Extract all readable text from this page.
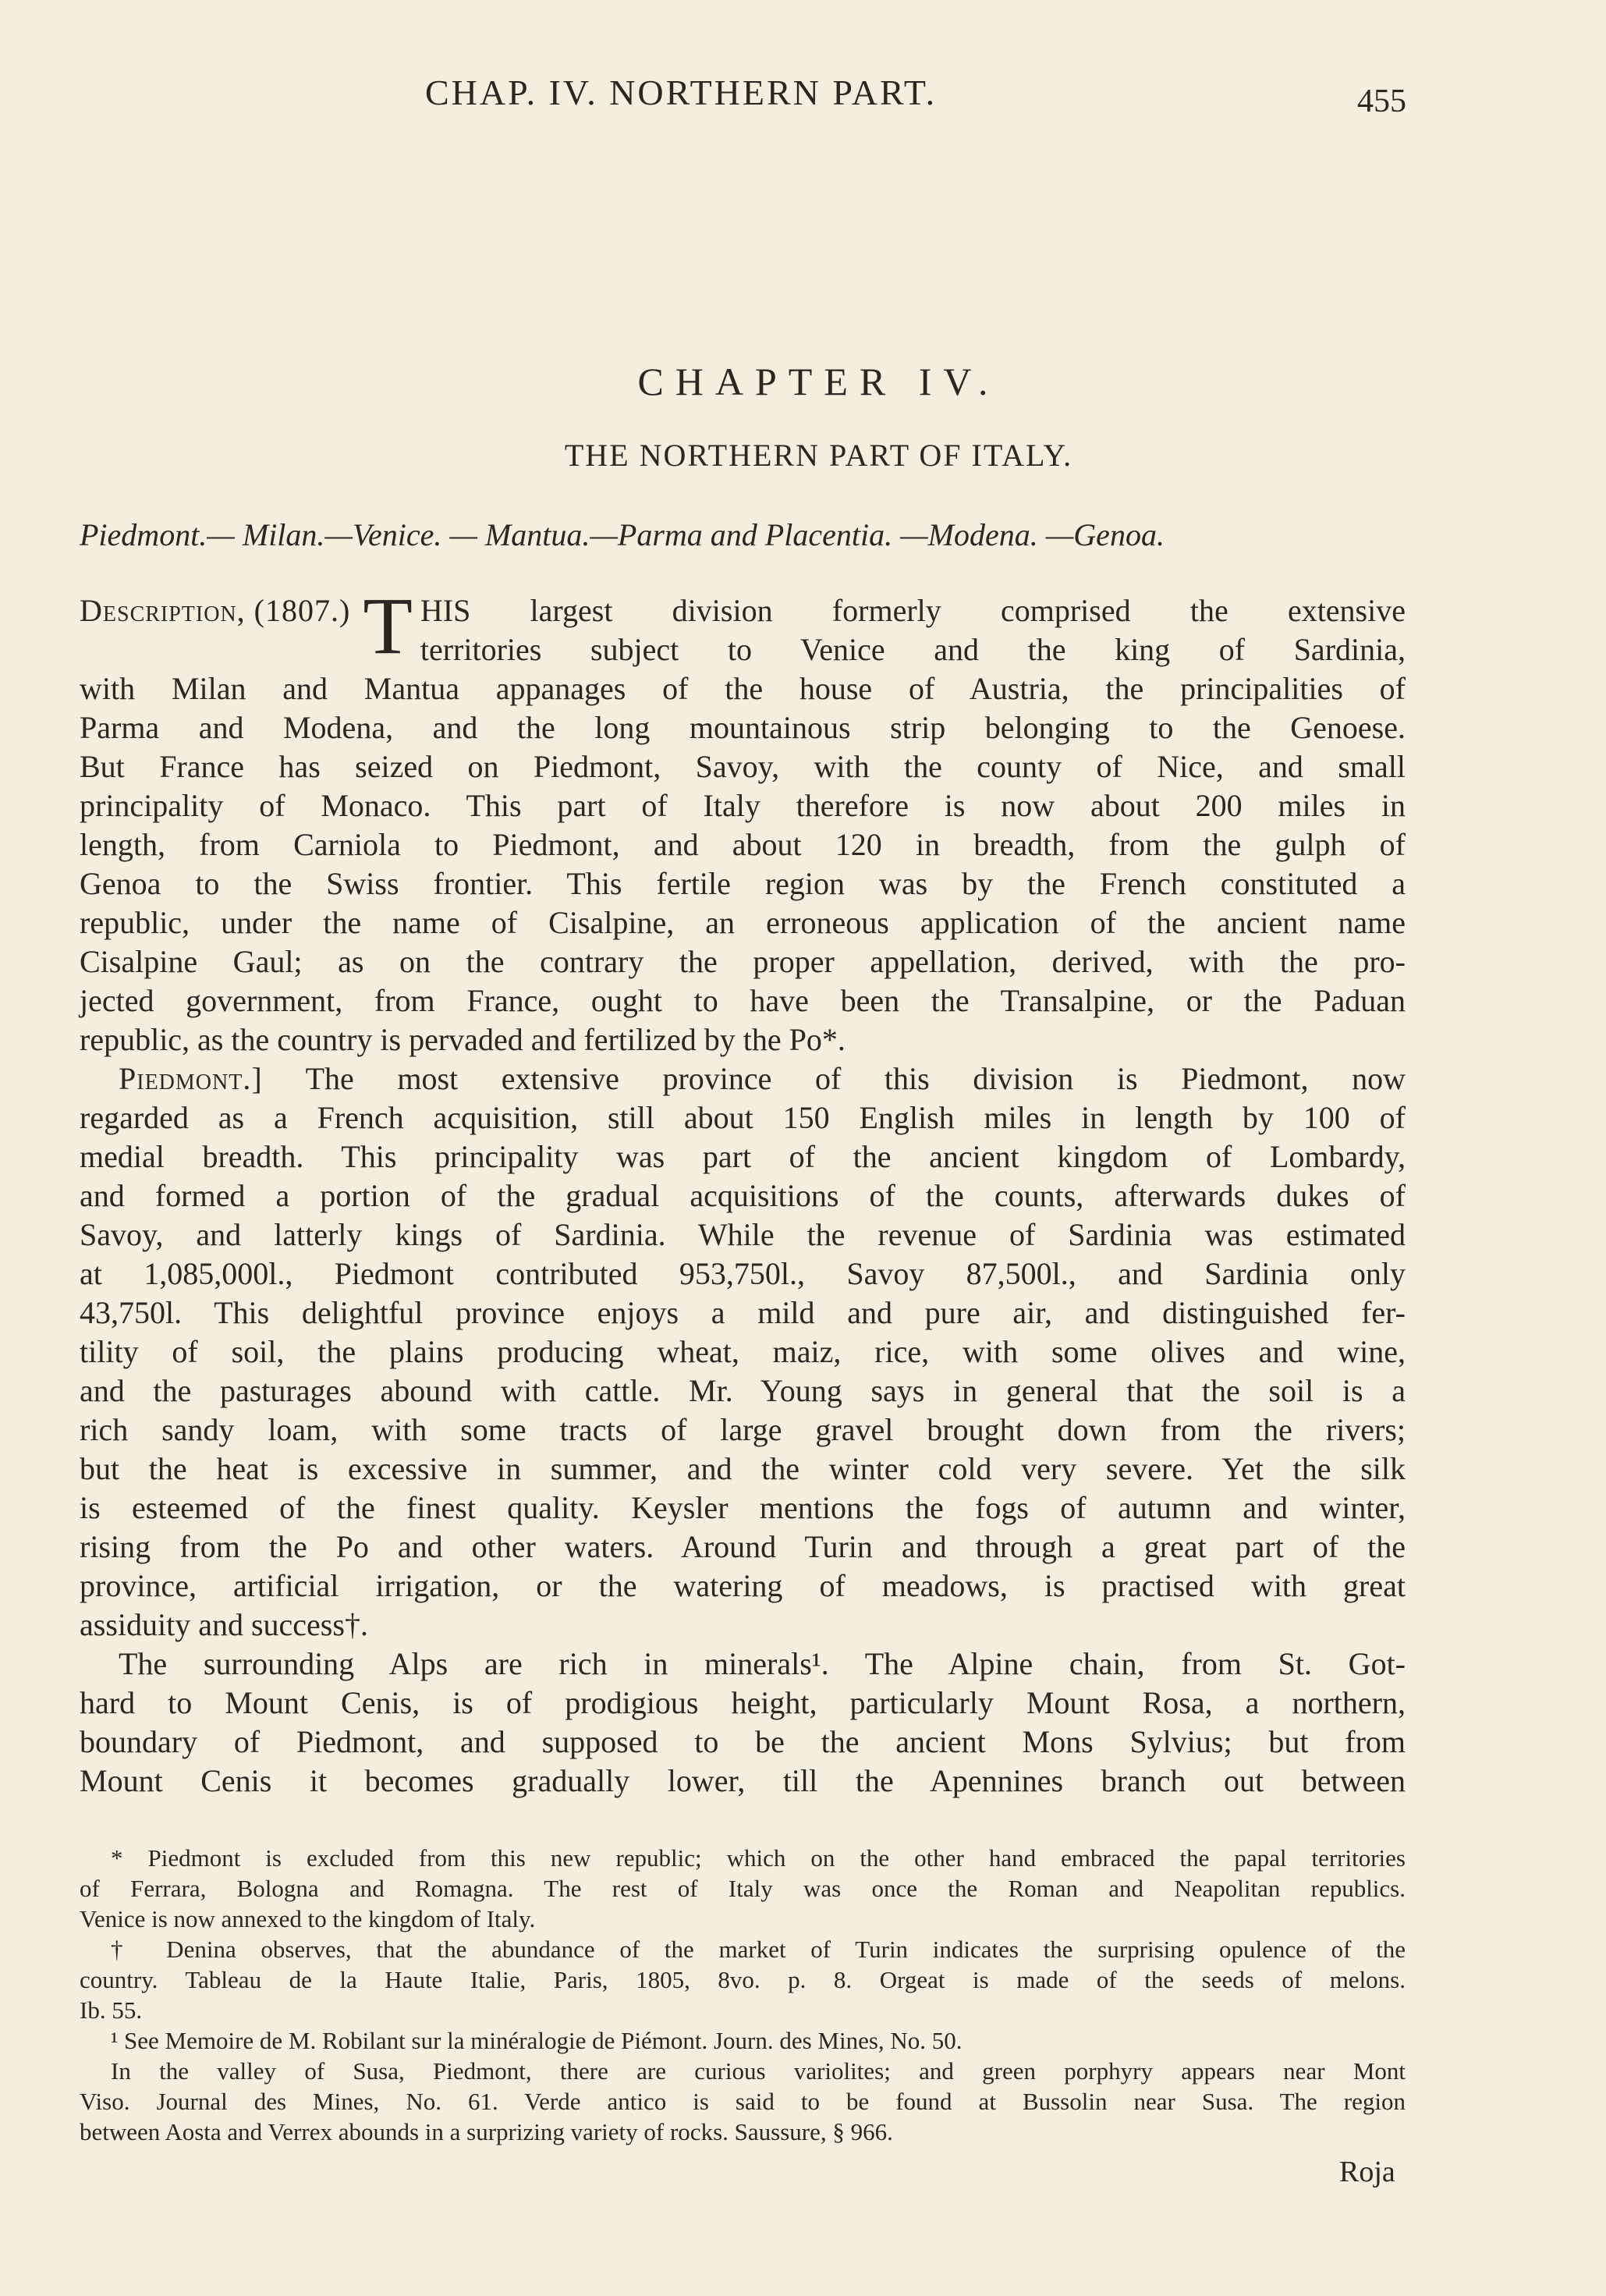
CHAP. IV. NORTHERN PART.	455
CHAPTER IV.
THE NORTHERN PART OF ITALY.
Piedmont.— Milan.—Venice. — Mantua.—Parma and Placentia. —Modena. —Genoa.
Description, (1807.) T HIS largest division formerly comprised the extensive
territories subject to Venice and the king of Sardinia,
with Milan and Mantua appanages of the house of Austria, the principalities of
Parma and Modena, and the long mountainous strip belonging to the Genoese.
But France has seized on Piedmont, Savoy, with the county of Nice, and small
principality of Monaco. This part of Italy therefore is now about 200 miles in
length, from Carniola to Piedmont, and about 120 in breadth, from the gulph of
Genoa to the Swiss frontier. This fertile region was by the French constituted a
republic, under the name of Cisalpine, an erroneous application of the ancient name
Cisalpine Gaul; as on the contrary the proper appellation, derived, with the pro-
jected government, from France, ought to have been the Transalpine, or the Paduan
republic, as the country is pervaded and fertilized by the Po*.
Piedmont.] The most extensive province of this division is Piedmont, now
regarded as a French acquisition, still about 150 English miles in length by 100 of
medial breadth. This principality was part of the ancient kingdom of Lombardy,
and formed a portion of the gradual acquisitions of the counts, afterwards dukes of
Savoy, and latterly kings of Sardinia. While the revenue of Sardinia was estimated
at 1,085,000l., Piedmont contributed 953,750l., Savoy 87,500l., and Sardinia only
43,750l. This delightful province enjoys a mild and pure air, and distinguished fer-
tility of soil, the plains producing wheat, maiz, rice, with some olives and wine,
and the pasturages abound with cattle. Mr. Young says in general that the soil is a
rich sandy loam, with some tracts of large gravel brought down from the rivers;
but the heat is excessive in summer, and the winter cold very severe. Yet the silk
is esteemed of the finest quality. Keysler mentions the fogs of autumn and winter,
rising from the Po and other waters. Around Turin and through a great part of the
province, artificial irrigation, or the watering of meadows, is practised with great
assiduity and success†.
The surrounding Alps are rich in minerals¹. The Alpine chain, from St. Got-
hard to Mount Cenis, is of prodigious height, particularly Mount Rosa, a northern,
boundary of Piedmont, and supposed to be the ancient Mons Sylvius; but from
Mount Cenis it becomes gradually lower, till the Apennines branch out between
* Piedmont is excluded from this new republic; which on the other hand embraced the papal territories
of Ferrara, Bologna and Romagna. The rest of Italy was once the Roman and Neapolitan republics.
Venice is now annexed to the kingdom of Italy.
† Denina observes, that the abundance of the market of Turin indicates the surprising opulence of the
country. Tableau de la Haute Italie, Paris, 1805, 8vo. p. 8. Orgeat is made of the seeds of melons.
Ib. 55.
¹ See Memoire de M. Robilant sur la minéralogie de Piémont. Journ. des Mines, No. 50.
In the valley of Susa, Piedmont, there are curious variolites; and green porphyry appears near Mont
Viso. Journal des Mines, No. 61. Verde antico is said to be found at Bussolin near Susa. The region
between Aosta and Verrex abounds in a surprizing variety of rocks. Saussure, § 966.
Roja
